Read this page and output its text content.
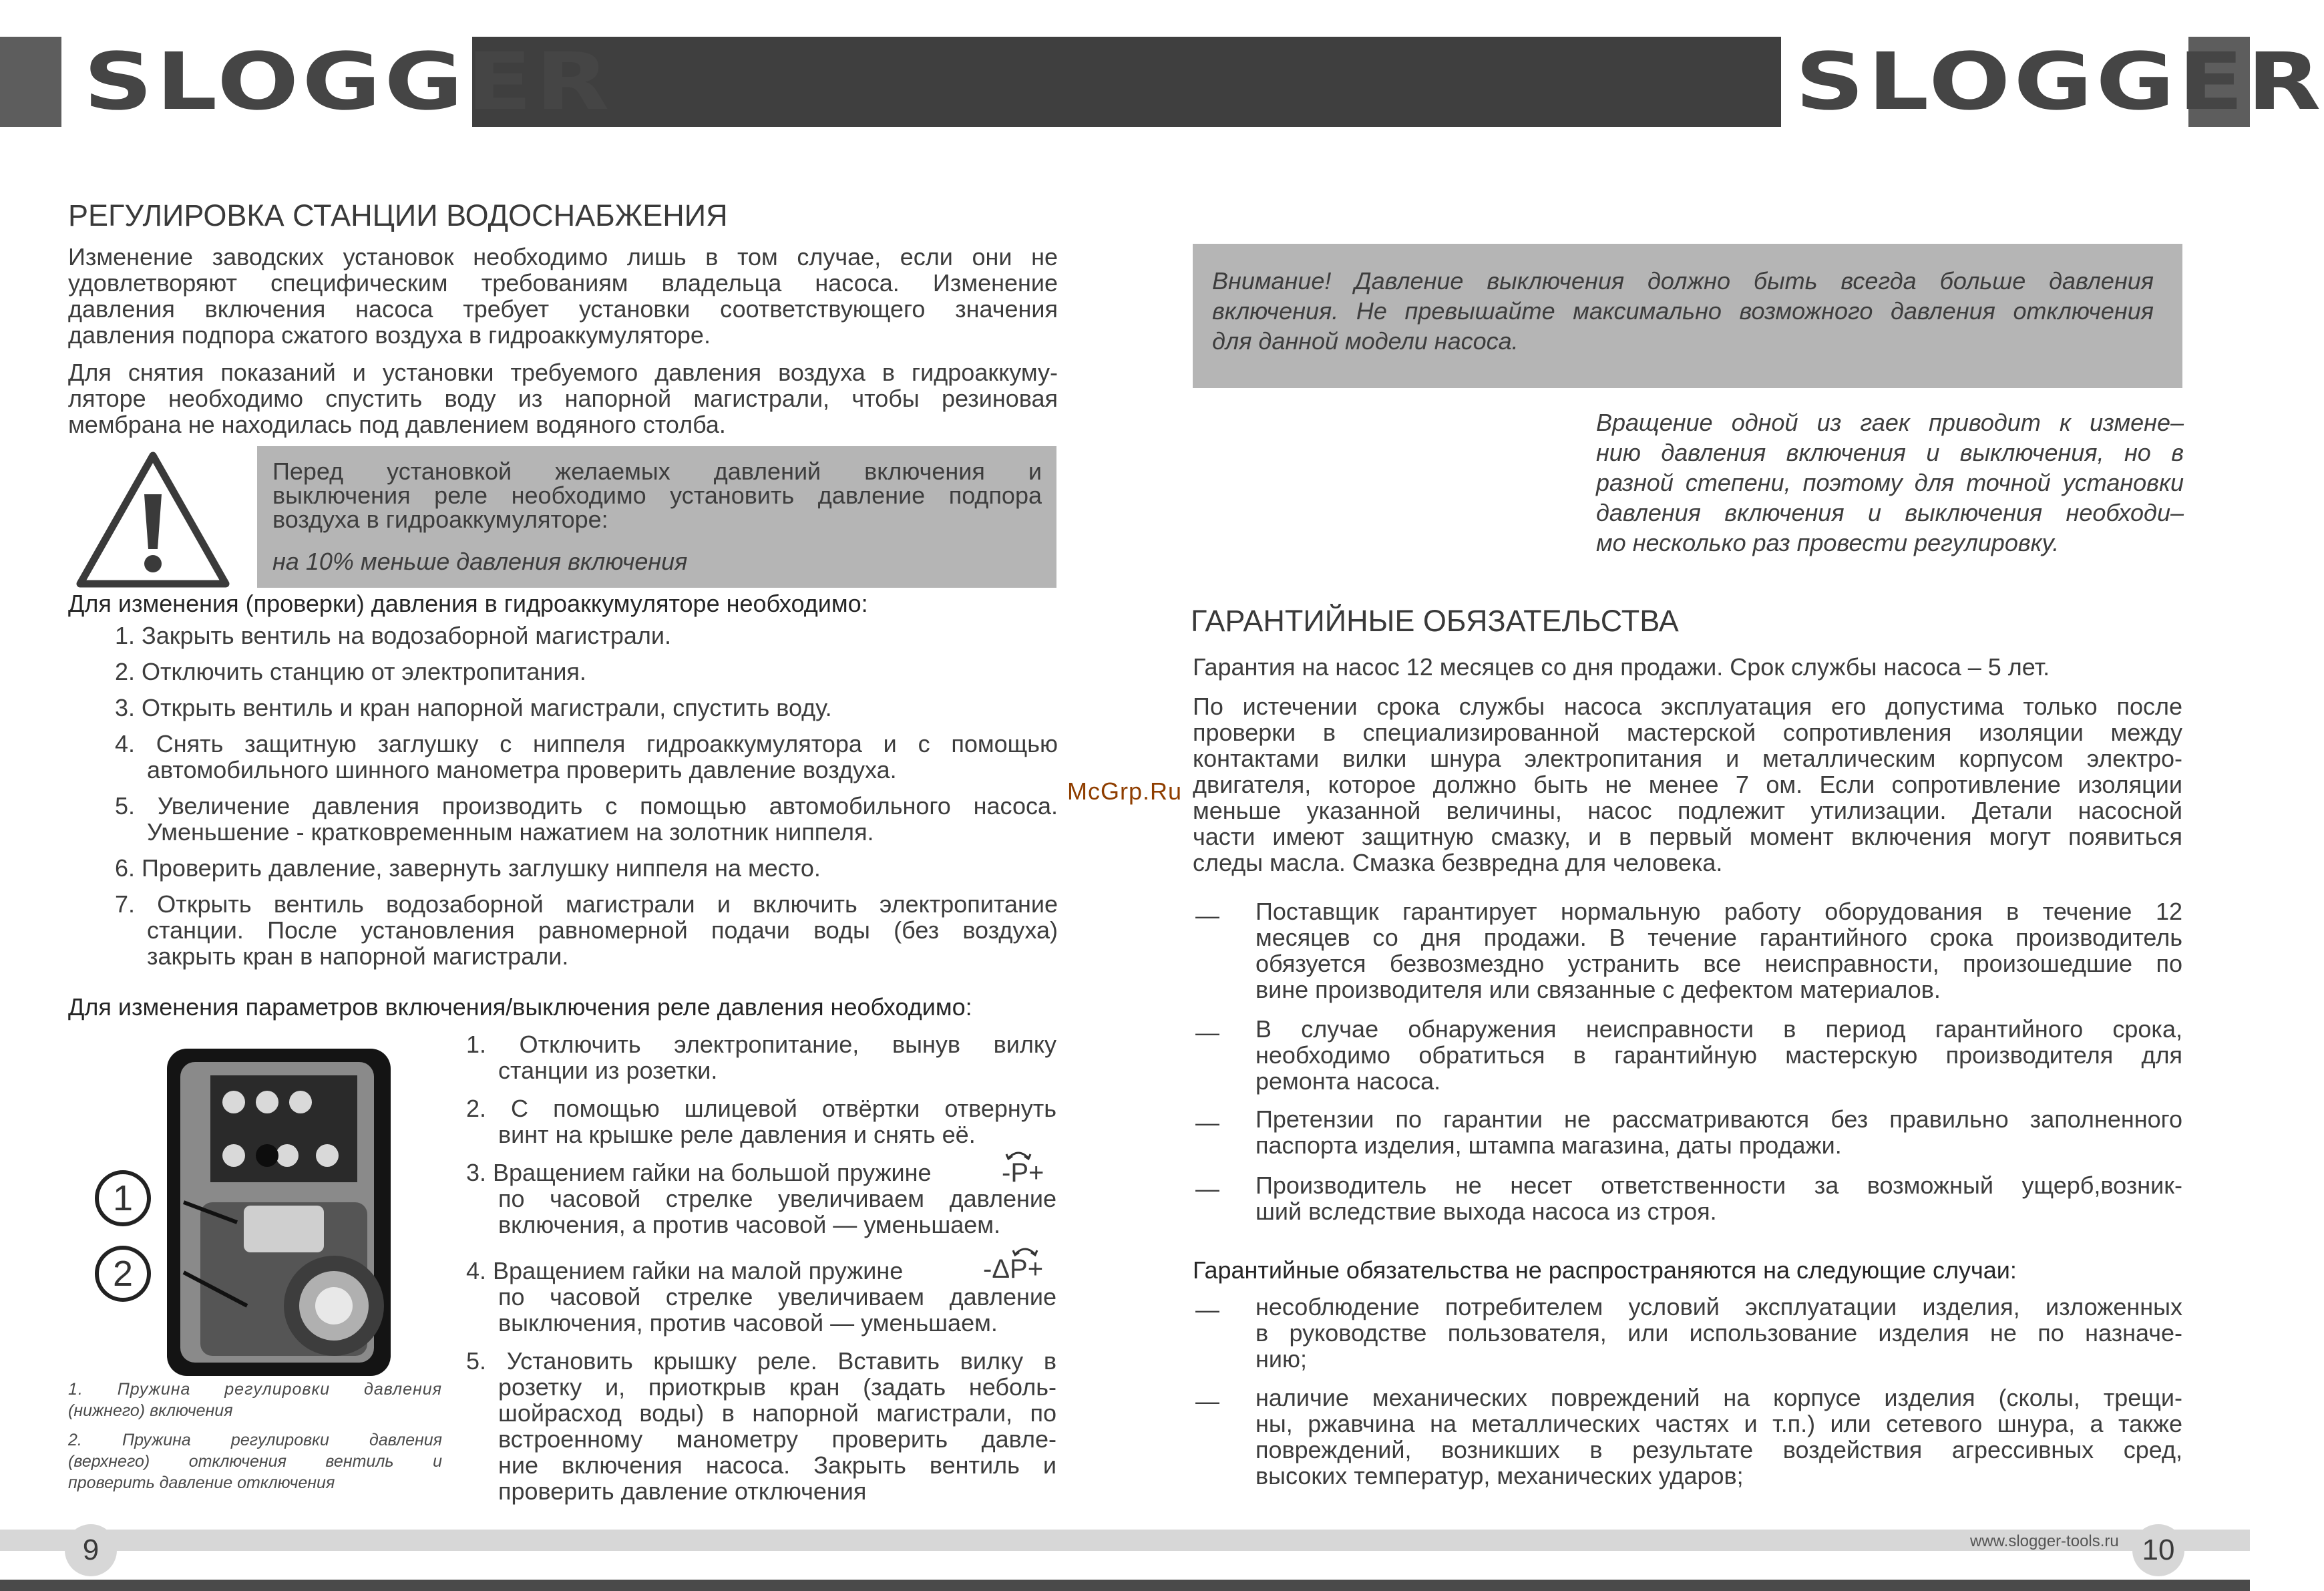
SLOGGER	SLOGGER
РЕГУЛИРОВКА СТАНЦИИ ВОДОСНАБЖЕНИЯ
Изменение заводских установок необходимо лишь в том случае, если они не
удовлетворяют специфическим требованиям владельца насоса. Изменение
давления включения насоса требует установки соответствующего значения
давления подпора сжатого воздуха в гидроаккумуляторе.
Для снятия показаний и установки требуемого давления воздуха в гидроаккуму-
ляторе необходимо спустить воду из напорной магистрали, чтобы резиновая
мембрана не находилась под давлением водяного столба.
Перед установкой желаемых давлений включения и
выключения реле необходимо установить давление подпора
воздуха в гидроаккумуляторе:
на 10% меньше давления включения
Для изменения (проверки) давления в гидроаккумуляторе необходимо:
1. Закрыть вентиль на водозаборной магистрали.
2. Отключить станцию от электропитания.
3. Открыть вентиль и кран напорной магистрали, спустить воду.
4. Снять защитную заглушку с ниппеля гидроаккумулятора и с помощью
автомобильного шинного манометра проверить давление воздуха.
5. Увеличение давления производить с помощью автомобильного насоса.
Уменьшение - кратковременным нажатием на золотник ниппеля.
6. Проверить давление, завернуть заглушку ниппеля на место.
7. Открыть вентиль водозаборной магистрали и включить электропитание
станции. После установления равномерной подачи воды (без воздуха)
закрыть кран в напорной магистрали.
Для изменения параметров включения/выключения реле давления необходимо:
1
2
1. Пружина регулировки давления
(нижнего) включения
2. Пружина регулировки давления
(верхнего) отключения вентиль и
проверить давление отключения
1. Отключить электропитание, вынув вилку
станции из розетки.
2. С помощью шлицевой отвёртки отвернуть
винт на крышке реле давления и снять её.
3. Вращением гайки на большой пружине
по часовой стрелке увеличиваем давление
включения, а против часовой — уменьшаем.
4. Вращением гайки на малой пружине
по часовой стрелке увеличиваем давление
выключения, против часовой — уменьшаем.
5. Установить крышку реле. Вставить вилку в
розетку и, приоткрыв кран (задать неболь-
шойрасход воды) в напорной магистрали, по
встроенному манометру проверить давле-
ние включения насоса. Закрыть вентиль и
проверить давление отключения
-P+
-ΔP+
Внимание! Давление выключения должно быть всегда больше давления
включения. Не превышайте максимально возможного давления отключения
для данной модели насоса.
Вращение одной из гаек приводит к измене–
нию давления включения и выключения, но в
разной степени, поэтому для точной установки
давления включения и выключения необходи–
мо несколько раз провести регулировку.
ГАРАНТИЙНЫЕ ОБЯЗАТЕЛЬСТВА
Гарантия на насос 12 месяцев со дня продажи. Срок службы насоса – 5 лет.
По истечении срока службы насоса эксплуатация его допустима только после
проверки в специализированной мастерской сопротивления изоляции между
контактами вилки шнура электропитания и металлическим корпусом электро-
двигателя, которое должно быть не менее 7 ом. Если сопротивление изоляции
меньше указанной величины, насос подлежит утилизации. Детали насосной
части имеют защитную смазку, и в первый момент включения могут появиться
следы масла. Смазка безвредна для человека.
— Поставщик гарантирует нормальную работу оборудования в течение 12
месяцев со дня продажи. В течение гарантийного срока производитель
обязуется безвозмездно устранить все неисправности, произошедшие по
вине производителя или связанные с дефектом материалов.
— В случае обнаружения неисправности в период гарантийного срока,
необходимо обратиться в гарантийную мастерскую производителя для
ремонта насоса.
— Претензии по гарантии не рассматриваются без правильно заполненного
паспорта изделия, штампа магазина, даты продажи.
— Производитель не несет ответственности за возможный ущерб,возник-
ший вследствие выхода насоса из строя.
Гарантийные обязательства не распространяются на следующие случаи:
— несоблюдение потребителем условий эксплуатации изделия, изложенных
в руководстве пользователя, или использование изделия не по назначе-
нию;
— наличие механических повреждений на корпусе изделия (сколы, трещи-
ны, ржавчина на металлических частях и т.п.) или сетевого шнура, а также
повреждений, возникших в результате воздействия агрессивных сред,
высоких температур, механических ударов;
McGrp.Ru
9	10
www.slogger-tools.ru
